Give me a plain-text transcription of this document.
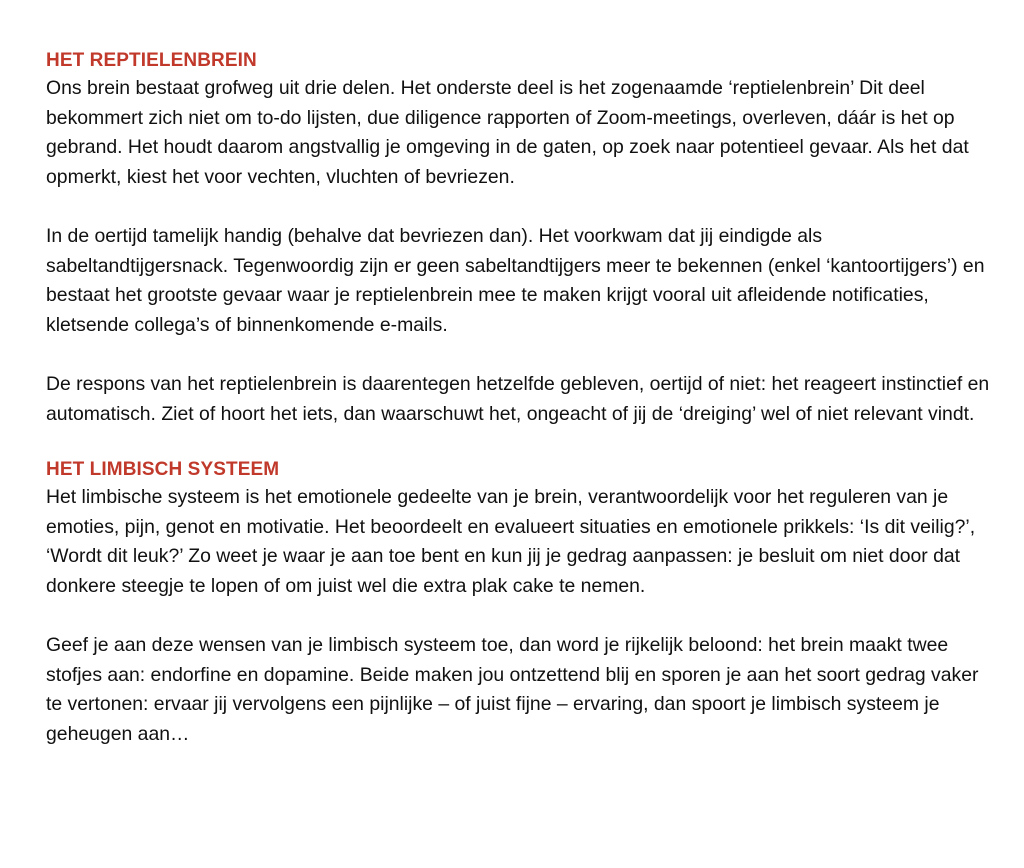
HET REPTIELENBREIN

Ons brein bestaat grofweg uit drie delen. Het onderste deel is het zogenaamde ‘reptielenbrein’ Dit deel bekommert zich niet om to-do lijsten, due diligence rapporten of Zoom-meetings, overleven, dáár is het op gebrand. Het houdt daarom angstvallig je omgeving in de gaten, op zoek naar potentieel gevaar. Als het dat opmerkt, kiest het voor vechten, vluchten of bevriezen.

In de oertijd tamelijk handig (behalve dat bevriezen dan). Het voorkwam dat jij eindigde als sabeltandtijgersnack. Tegenwoordig zijn er geen sabeltandtijgers meer te bekennen (enkel ‘kantoortijgers’) en bestaat het grootste gevaar waar je reptielenbrein mee te maken krijgt vooral uit afleidende notificaties, kletsende collega’s of binnenkomende e-mails.

De respons van het reptielenbrein is daarentegen hetzelfde gebleven, oertijd of niet: het reageert instinctief en automatisch. Ziet of hoort het iets, dan waarschuwt het, ongeacht of jij de ‘dreiging’ wel of niet relevant vindt.

HET LIMBISCH SYSTEEM

Het limbische systeem is het emotionele gedeelte van je brein, verantwoordelijk voor het reguleren van je emoties, pijn, genot en motivatie. Het beoordeelt en evalueert situaties en emotionele prikkels: ‘Is dit veilig?’, ‘Wordt dit leuk?’ Zo weet je waar je aan toe bent en kun jij je gedrag aanpassen: je besluit om niet door dat donkere steegje te lopen of om juist wel die extra plak cake te nemen.

Geef je aan deze wensen van je limbisch systeem toe, dan word je rijkelijk beloond: het brein maakt twee stofjes aan: endorfine en dopamine. Beide maken jou ontzettend blij en sporen je aan het soort gedrag vaker te vertonen: ervaar jij vervolgens een pijnlijke – of juist fijne – ervaring, dan spoort je limbisch systeem je geheugen aan…
